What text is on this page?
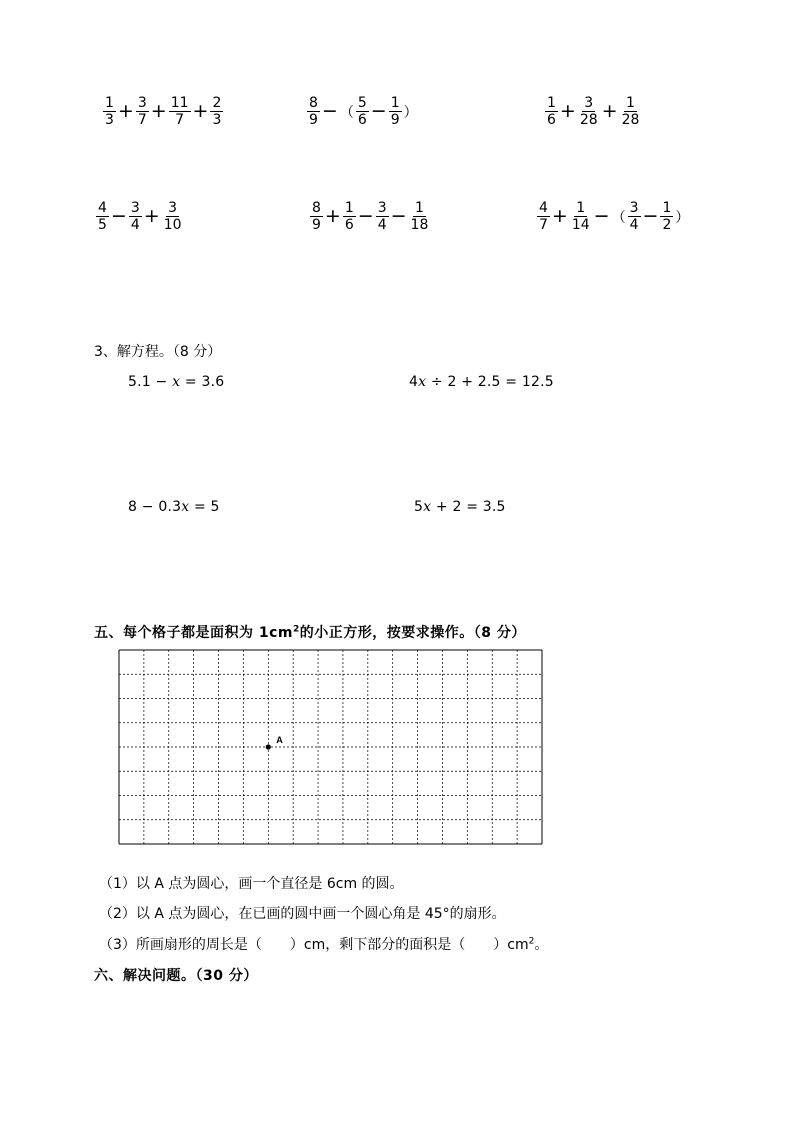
$\frac{1}{3} + \frac{3}{7} + \frac{11}{7} + \frac{2}{3}$	$\frac{8}{9}$ − （ $\frac{5}{6} - \frac{1}{9}$ ）	$\frac{1}{6} + \frac{3}{28} + \frac{1}{28}$
$\frac{4}{5} - \frac{3}{4} + \frac{3}{10}$	$\frac{8}{9} + \frac{1}{6} - \frac{3}{4} - \frac{1}{18}$	$\frac{4}{7} + \frac{1}{14}$ − （ $\frac{3}{4} - \frac{1}{2}$ ）
3、解方程。（8 分）
5.1 − x = 3.6	4x ÷ 2 + 2.5 = 12.5
8 − 0.3x = 5	5x + 2 = 3.5
五、每个格子都是面积为 $1cm^2$的小正方形，按要求操作。（8 分）
A
（1）以 A 点为圆心，画一个直径是 6cm 的圆。
（2）以 A 点为圆心，在已画的圆中画一个圆心角是 45°的扇形。
（3）所画扇形的周长是（ ）cm，剩下部分的面积是（ ）$cm^2$。
六、解决问题。（30 分）
